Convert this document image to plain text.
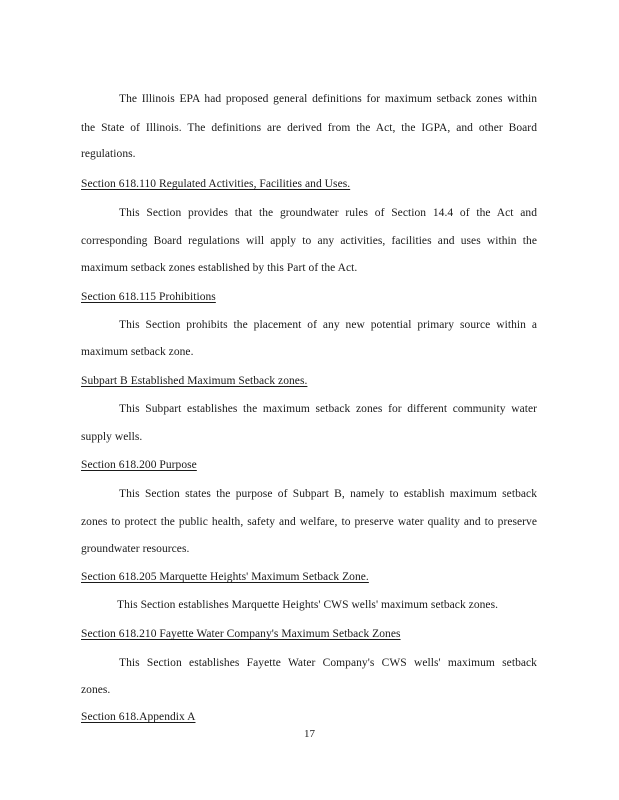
The Illinois EPA had proposed general definitions for maximum setback zones within
the State of Illinois. The definitions are derived from the Act, the IGPA, and other Board
regulations.
Section 618.110 Regulated Activities, Facilities and Uses.
This Section provides that the groundwater rules of Section 14.4 of the Act and
corresponding Board regulations will apply to any activities, facilities and uses within the
maximum setback zones established by this Part of the Act.
Section 618.115 Prohibitions
This Section prohibits the placement of any new potential primary source within a
maximum setback zone.
Subpart B Established Maximum Setback zones.
This Subpart establishes the maximum setback zones for different community water
supply wells.
Section 618.200 Purpose
This Section states the purpose of Subpart B, namely to establish maximum setback
zones to protect the public health, safety and welfare, to preserve water quality and to preserve
groundwater resources.
Section 618.205 Marquette Heights' Maximum Setback Zone.
This Section establishes Marquette Heights' CWS wells' maximum setback zones.
Section 618.210 Fayette Water Company's Maximum Setback Zones
This Section establishes Fayette Water Company's CWS wells' maximum setback
zones.
Section 618.Appendix A
17
